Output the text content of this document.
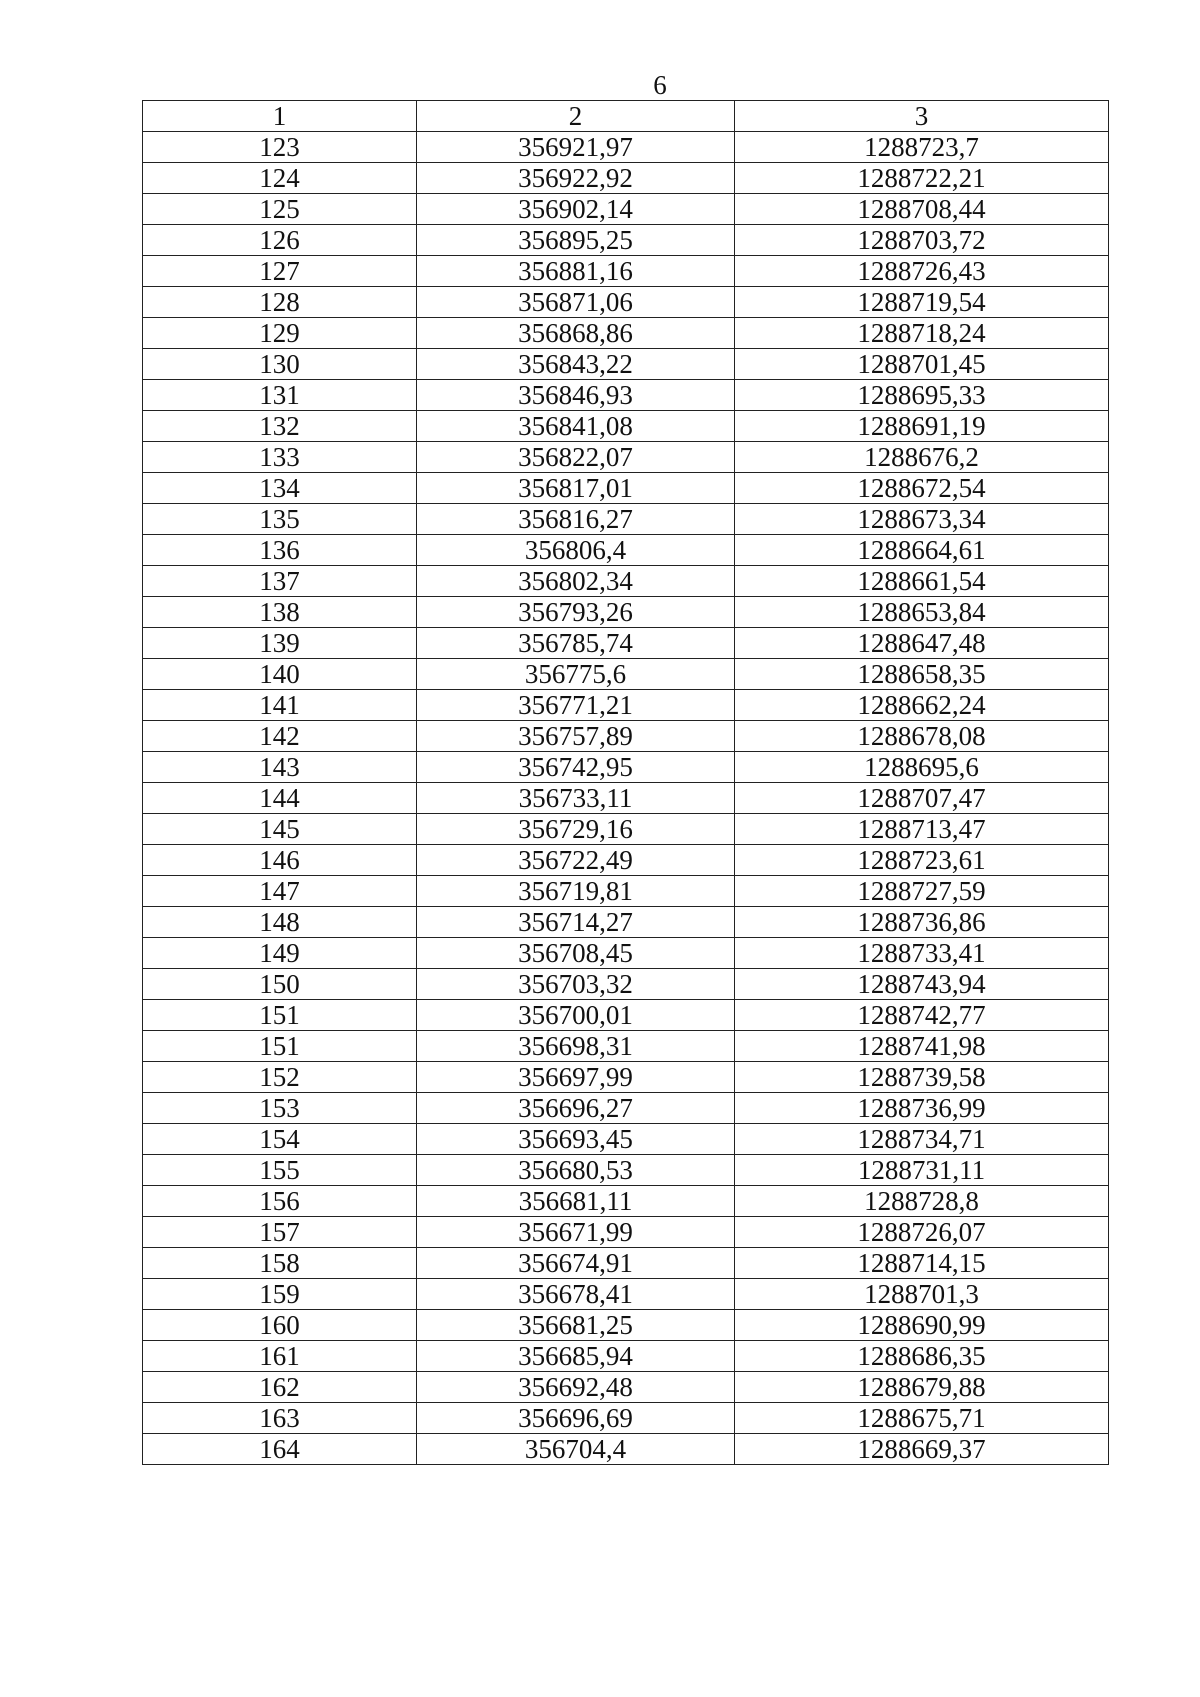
6
1	2	3
123	356921,97	1288723,7
124	356922,92	1288722,21
125	356902,14	1288708,44
126	356895,25	1288703,72
127	356881,16	1288726,43
128	356871,06	1288719,54
129	356868,86	1288718,24
130	356843,22	1288701,45
131	356846,93	1288695,33
132	356841,08	1288691,19
133	356822,07	1288676,2
134	356817,01	1288672,54
135	356816,27	1288673,34
136	356806,4	1288664,61
137	356802,34	1288661,54
138	356793,26	1288653,84
139	356785,74	1288647,48
140	356775,6	1288658,35
141	356771,21	1288662,24
142	356757,89	1288678,08
143	356742,95	1288695,6
144	356733,11	1288707,47
145	356729,16	1288713,47
146	356722,49	1288723,61
147	356719,81	1288727,59
148	356714,27	1288736,86
149	356708,45	1288733,41
150	356703,32	1288743,94
151	356700,01	1288742,77
151	356698,31	1288741,98
152	356697,99	1288739,58
153	356696,27	1288736,99
154	356693,45	1288734,71
155	356680,53	1288731,11
156	356681,11	1288728,8
157	356671,99	1288726,07
158	356674,91	1288714,15
159	356678,41	1288701,3
160	356681,25	1288690,99
161	356685,94	1288686,35
162	356692,48	1288679,88
163	356696,69	1288675,71
164	356704,4	1288669,37
